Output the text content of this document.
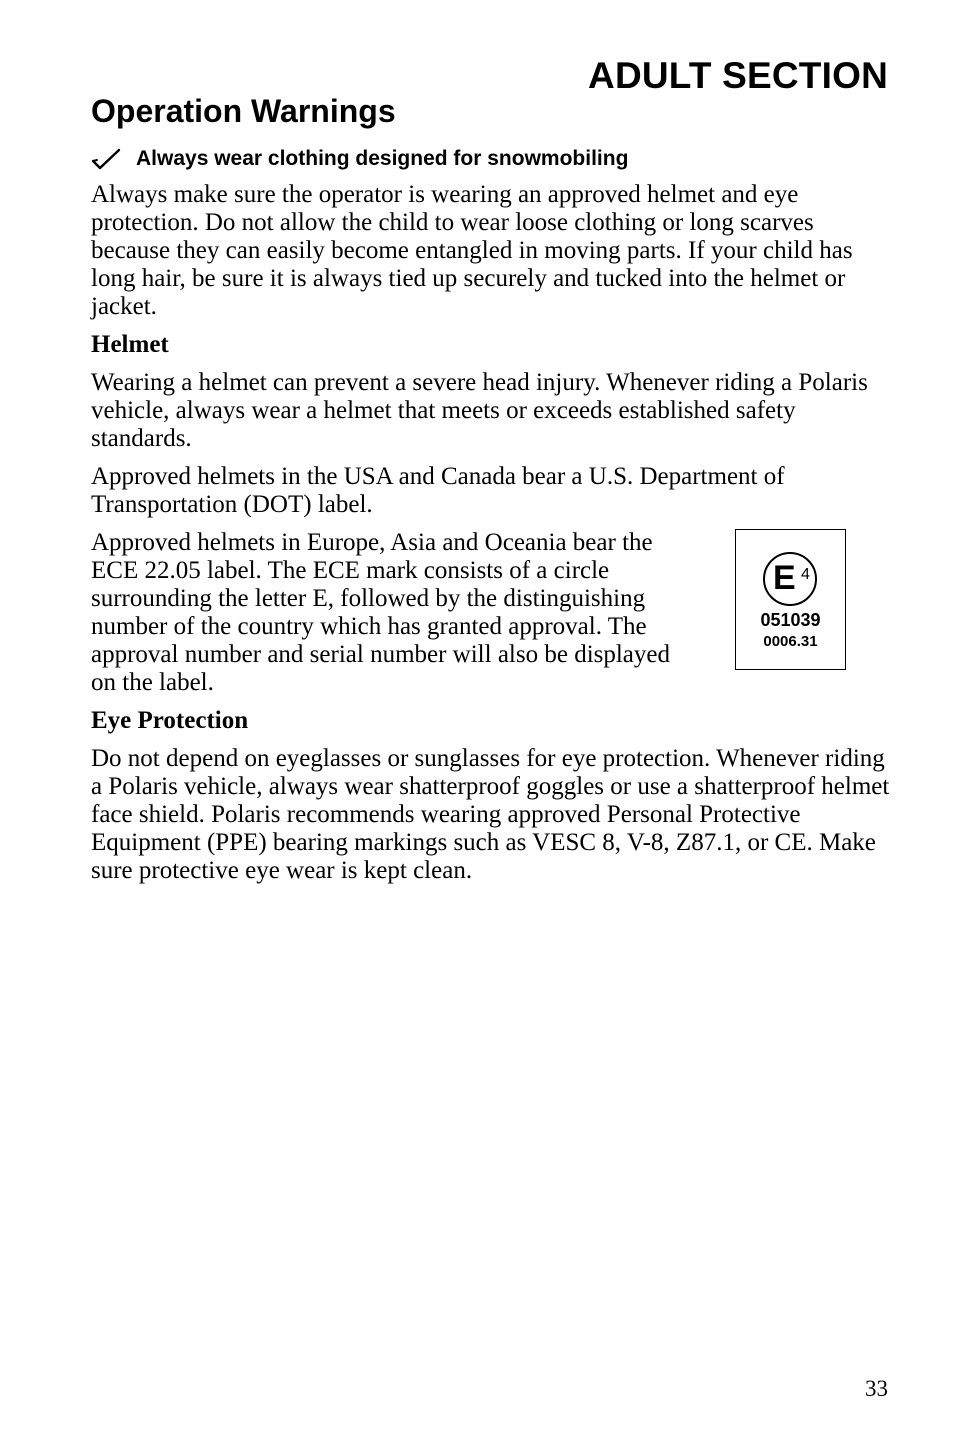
ADULT SECTION
Operation Warnings
Always wear clothing designed for snowmobiling

Always make sure the operator is wearing an approved helmet and eye protection. Do not allow the child to wear loose clothing or long scarves because they can easily become entangled in moving parts. If your child has long hair, be sure it is always tied up securely and tucked into the helmet or jacket.

Helmet

Wearing a helmet can prevent a severe head injury. Whenever riding a Polaris vehicle, always wear a helmet that meets or exceeds established safety standards.

Approved helmets in the USA and Canada bear a U.S. Department of Transportation (DOT) label.

Approved helmets in Europe, Asia and Oceania bear the ECE 22.05 label. The ECE mark consists of a circle surrounding the letter E, followed by the distinguishing number of the country which has granted approval. The approval number and serial number will also be displayed on the label.

E 4
051039
0006.31
Eye Protection

Do not depend on eyeglasses or sunglasses for eye protection. Whenever riding a Polaris vehicle, always wear shatterproof goggles or use a shatterproof helmet face shield. Polaris recommends wearing approved Personal Protective Equipment (PPE) bearing markings such as VESC 8, V-8, Z87.1, or CE. Make sure protective eye wear is kept clean.

33
